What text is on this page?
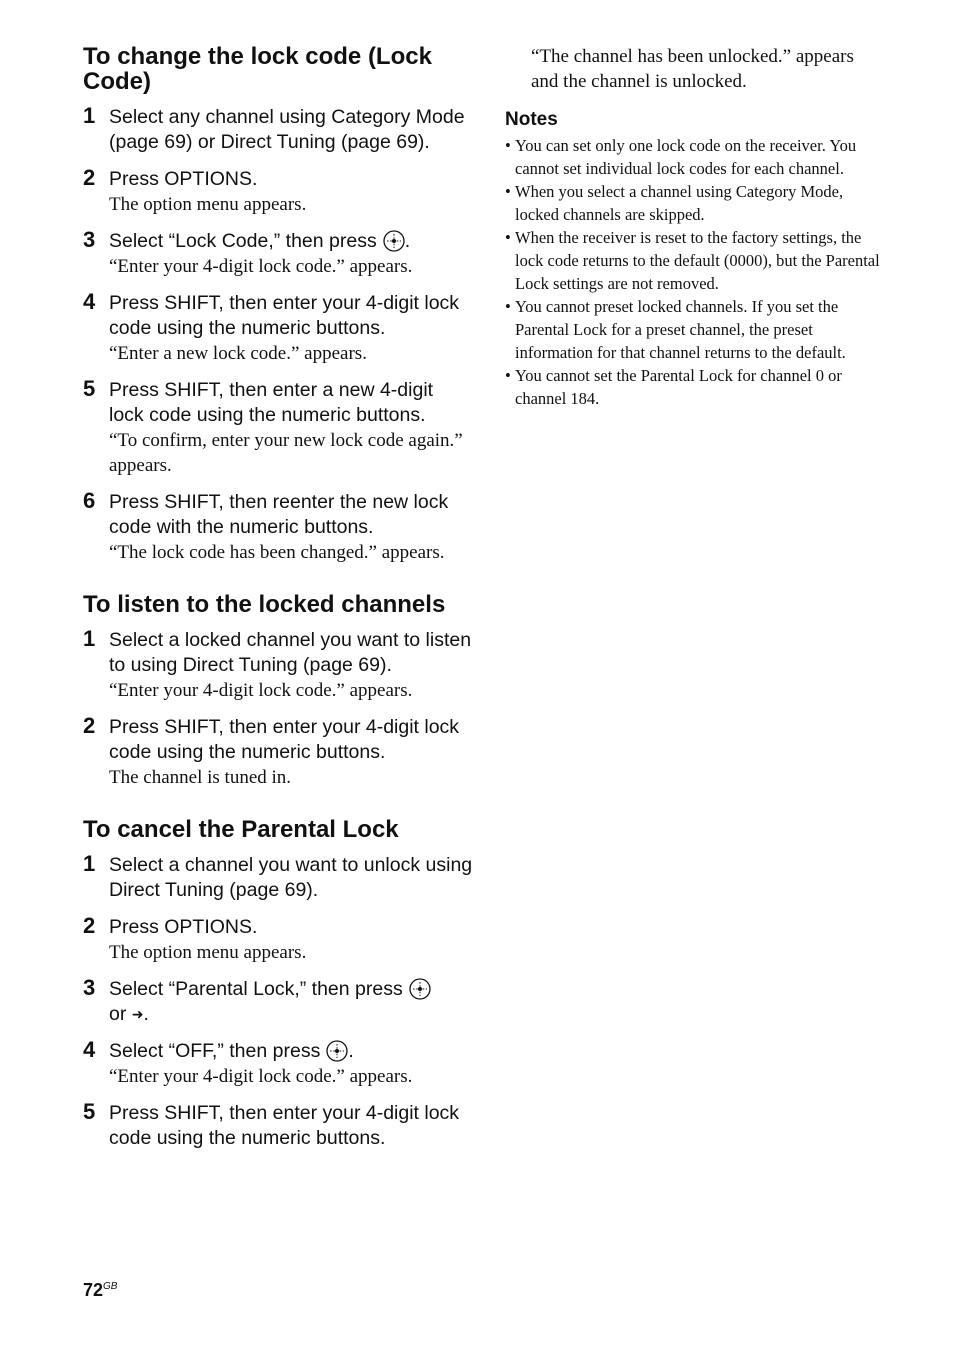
To change the lock code (Lock Code)
1 Select any channel using Category Mode (page 69) or Direct Tuning (page 69).
2 Press OPTIONS.
The option menu appears.
3 Select “Lock Code,” then press .
“Enter your 4-digit lock code.” appears.
4 Press SHIFT, then enter your 4-digit lock code using the numeric buttons.
“Enter a new lock code.” appears.
5 Press SHIFT, then enter a new 4-digit lock code using the numeric buttons.
“To confirm, enter your new lock code again.” appears.
6 Press SHIFT, then reenter the new lock code with the numeric buttons.
“The lock code has been changed.” appears.
To listen to the locked channels
1 Select a locked channel you want to listen to using Direct Tuning (page 69).
“Enter your 4-digit lock code.” appears.
2 Press SHIFT, then enter your 4-digit lock code using the numeric buttons.
The channel is tuned in.
To cancel the Parental Lock
1 Select a channel you want to unlock using Direct Tuning (page 69).
2 Press OPTIONS.
The option menu appears.
3 Select “Parental Lock,” then press
or ➜.
4 Select “OFF,” then press .
“Enter your 4-digit lock code.” appears.
5 Press SHIFT, then enter your 4-digit lock code using the numeric buttons.
“The channel has been unlocked.” appears and the channel is unlocked.
Notes
• You can set only one lock code on the receiver. You cannot set individual lock codes for each channel.
• When you select a channel using Category Mode, locked channels are skipped.
• When the receiver is reset to the factory settings, the lock code returns to the default (0000), but the Parental Lock settings are not removed.
• You cannot preset locked channels. If you set the Parental Lock for a preset channel, the preset information for that channel returns to the default.
• You cannot set the Parental Lock for channel 0 or channel 184.
$72^{GB}$
